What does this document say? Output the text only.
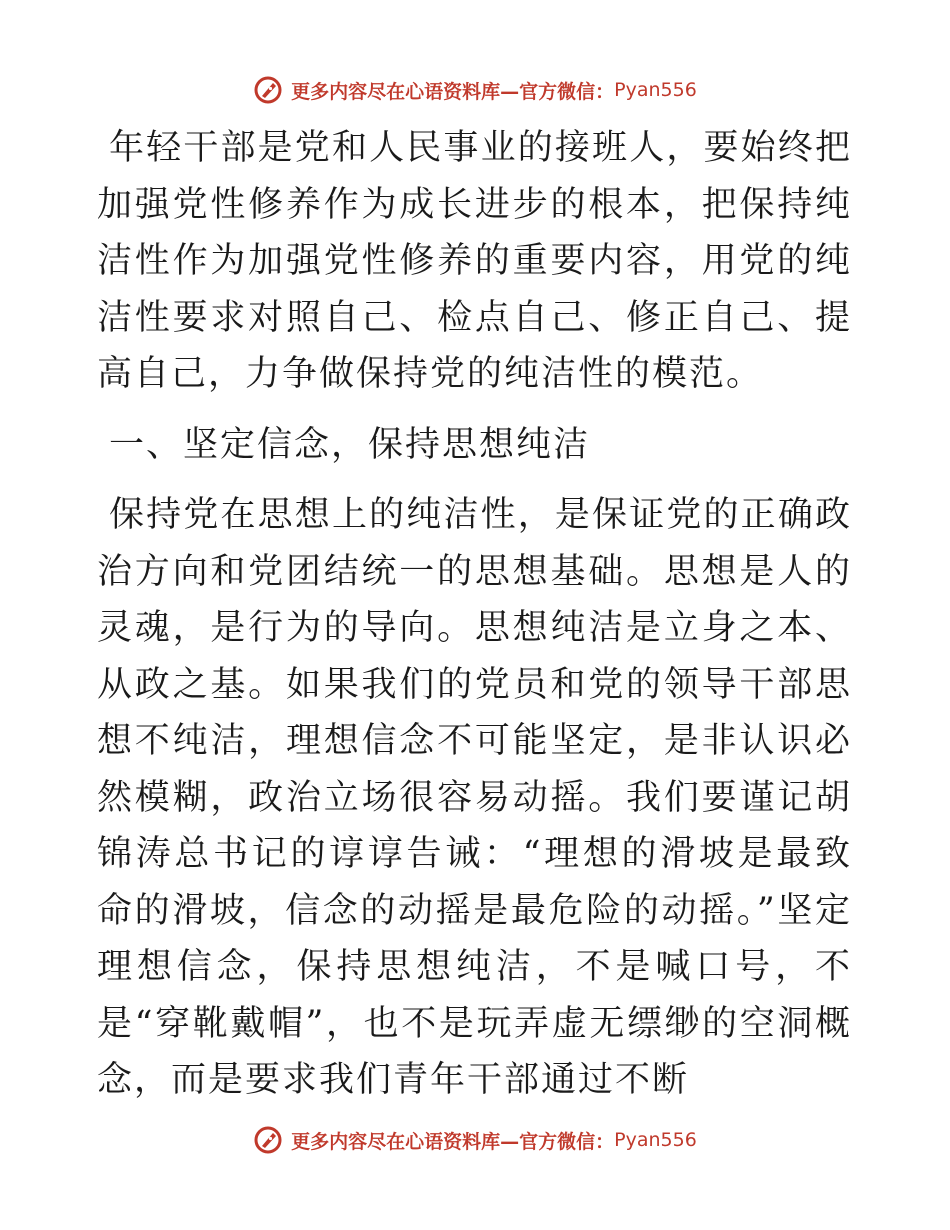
更多内容尽在心语资料库—官方微信： Pyan556

年轻干部是党和人民事业的接班人，要始终把加强党性修养作为成长进步的根本，把保持纯洁性作为加强党性修养的重要内容，用党的纯洁性要求对照自己、检点自己、修正自己、提高自己，力争做保持党的纯洁性的模范。

一、坚定信念，保持思想纯洁

保持党在思想上的纯洁性，是保证党的正确政治方向和党团结统一的思想基础。思想是人的灵魂，是行为的导向。思想纯洁是立身之本、从政之基。如果我们的党员和党的领导干部思想不纯洁，理想信念不可能坚定，是非认识必然模糊，政治立场很容易动摇。我们要谨记胡锦涛总书记的谆谆告诫：“理想的滑坡是最致命的滑坡，信念的动摇是最危险的动摇。”坚定理想信念，保持思想纯洁，不是喊口号，不是“穿靴戴帽”，也不是玩弄虚无缥缈的空洞概念，而是要求我们青年干部通过不断

更多内容尽在心语资料库—官方微信： Pyan556
